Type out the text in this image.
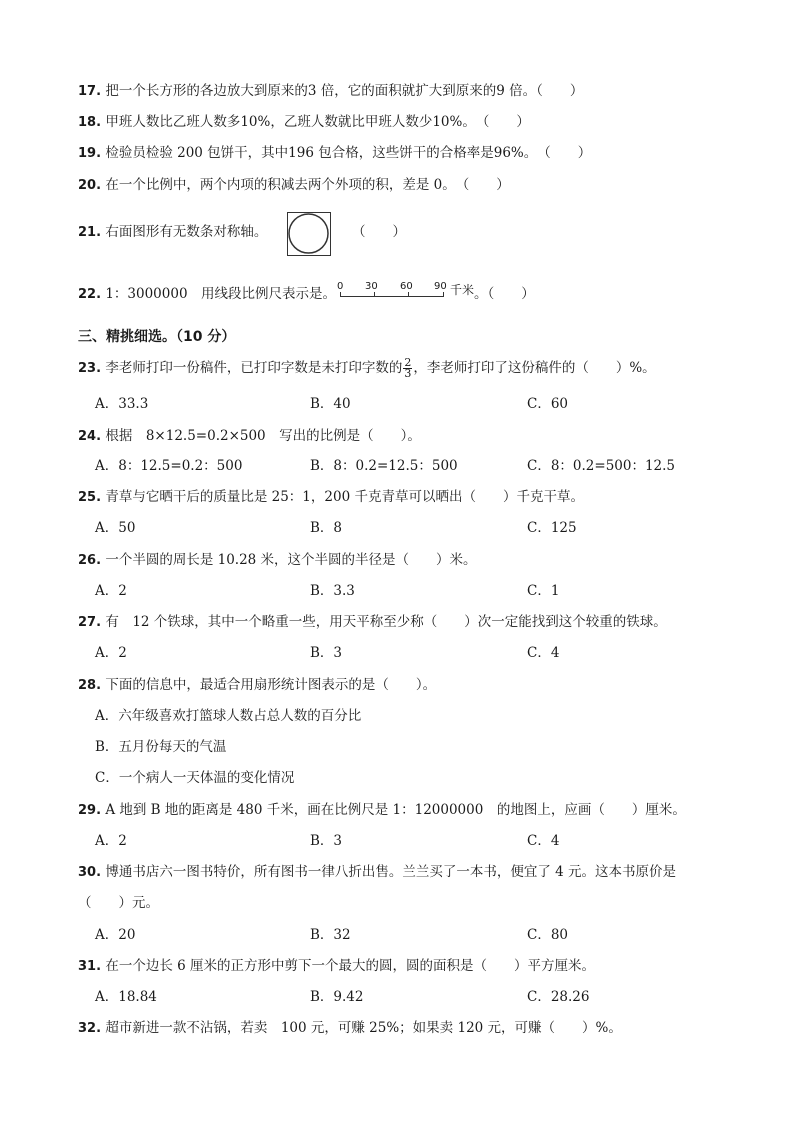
17. 把一个长方形的各边放大到原来的3 倍，它的面积就扩大到原来的9 倍。（　　）
18. 甲班人数比乙班人数多10%，乙班人数就比甲班人数少10%。　（　　）
19. 检验员检验 200 包饼干，其中196 包合格，这些饼干的合格率是96%。　（　　）
20. 在一个比例中，两个内项的积减去两个外项的积，差是 0。　（　　）
21. 右面图形有无数条对称轴。	（　　）
22. 1：3000000　用线段比例尺表示是。 0 30 60 90 千米 。（　　）
三、精挑细选。（10 分）
23. 李老师打印一份稿件，已打印字数是未打印字数的 $\frac{2}{3}$ ，李老师打印了这份稿件的（　　）%。
A．33.3	B．40	C．60
24. 根据　8×12.5=0.2×500　写出的比例是（　　）。
A．8：12.5=0.2：500	B．8：0.2=12.5：500	C．8：0.2=500：12.5
25. 青草与它晒干后的质量比是 25：1，200 千克青草可以晒出（　　）千克干草。
A．50	B．8	C．125
26. 一个半圆的周长是 10.28 米，这个半圆的半径是（　　）米。
A．2	B．3.3	C．1
27. 有　12 个铁球，其中一个略重一些，用天平称至少称（　　）次一定能找到这个较重的铁球。
A．2	B．3	C．4
28. 下面的信息中，最适合用扇形统计图表示的是（　　）。
A．六年级喜欢打篮球人数占总人数的百分比
B．五月份每天的气温
C．一个病人一天体温的变化情况
29. A 地到 B 地的距离是 480 千米，画在比例尺是 1：12000000　的地图上，应画（　　）厘米。
A．2	B．3	C．4
30. 博通书店六一图书特价，所有图书一律八折出售。兰兰买了一本书，便宜了 4 元。这本书原价是
（　　）元。
A．20	B．32	C．80
31. 在一个边长 6 厘米的正方形中剪下一个最大的圆，圆的面积是（　　）平方厘米。
A．18.84	B．9.42	C．28.26
32. 超市新进一款不沾锅，若卖　100 元，可赚 25%；如果卖 120 元，可赚（　　）%。
